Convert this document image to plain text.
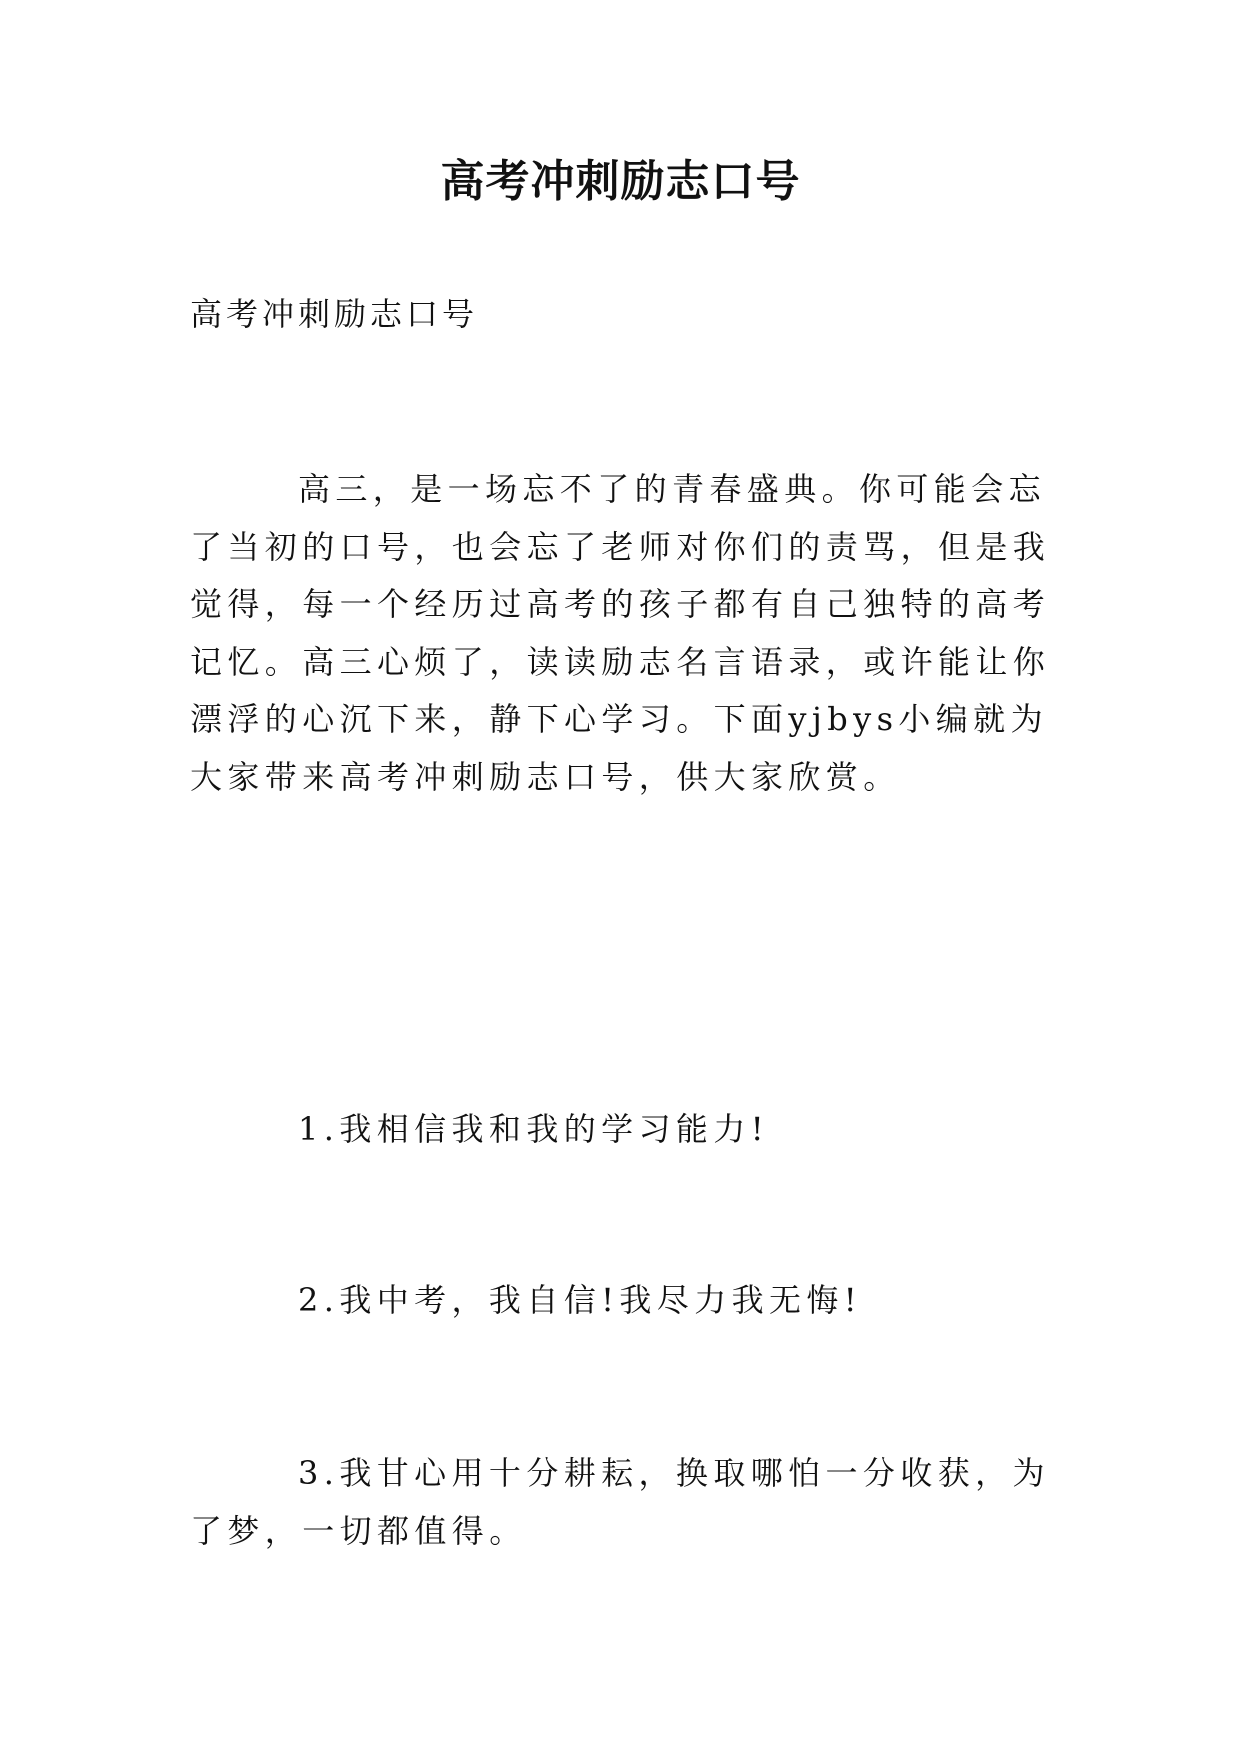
高考冲刺励志口号

高考冲刺励志口号

高三，是一场忘不了的青春盛典。你可能会忘了当初的口号，也会忘了老师对你们的责骂，但是我觉得，每一个经历过高考的孩子都有自己独特的高考记忆。高三心烦了，读读励志名言语录，或许能让你漂浮的心沉下来，静下心学习。下面yjbys小编就为大家带来高考冲刺励志口号，供大家欣赏。

1.我相信我和我的学习能力!

2.我中考，我自信!我尽力我无悔!

3.我甘心用十分耕耘，换取哪怕一分收获，为了梦，一切都值得。
